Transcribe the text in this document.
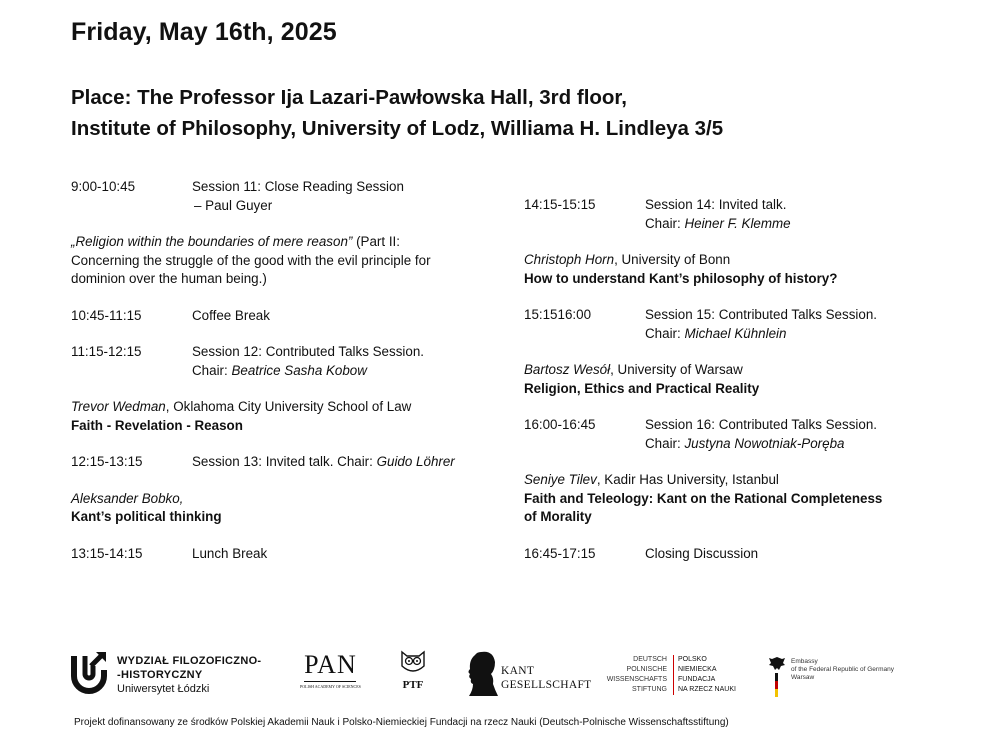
Friday, May 16th, 2025
Place: The Professor Ija Lazari-Pawłowska Hall, 3rd floor,
Institute of Philosophy, University of Lodz, Williama H. Lindleya 3/5
9:00-10:45	Session 11: Close Reading Session
– Paul Guyer
„Religion within the boundaries of mere reason” (Part II:
Concerning the struggle of the good with the evil principle for
dominion over the human being.)
10:45-11:15	Coffee Break
11:15-12:15	Session 12: Contributed Talks Session.
Chair: Beatrice Sasha Kobow
Trevor Wedman, Oklahoma City University School of Law
Faith - Revelation - Reason
12:15-13:15	Session 13: Invited talk. Chair: Guido Löhrer
Aleksander Bobko,
Kant’s political thinking
13:15-14:15	Lunch Break
14:15-15:15	Session 14: Invited talk.
Chair: Heiner F. Klemme
Christoph Horn, University of Bonn
How to understand Kant’s philosophy of history?
15:1516:00	Session 15: Contributed Talks Session.
Chair: Michael Kühnlein
Bartosz Wesół, University of Warsaw
Religion, Ethics and Practical Reality
16:00-16:45	Session 16: Contributed Talks Session.
Chair: Justyna Nowotniak-Poręba
Seniye Tilev, Kadir Has University, Istanbul
Faith and Teleology: Kant on the Rational Completeness
of Morality
16:45-17:15	Closing Discussion
WYDZIAŁ FILOZOFICZNO-
-HISTORYCZNY
Uniwersytet Łódzki
PAN
POLISH ACADEMY OF SCIENCES	PTF
KANT
GESELLSCHAFT
DEUTSCH
POLNISCHE
WISSENSCHAFTS
STIFTUNG
POLSKO
NIEMIECKA
FUNDACJA
NA RZECZ NAUKI
Embassy
of the Federal Republic of Germany
Warsaw
Projekt dofinansowany ze środków Polskiej Akademii Nauk i Polsko-Niemieckiej Fundacji na rzecz Nauki (Deutsch-Polnische Wissenschaftsstiftung)
